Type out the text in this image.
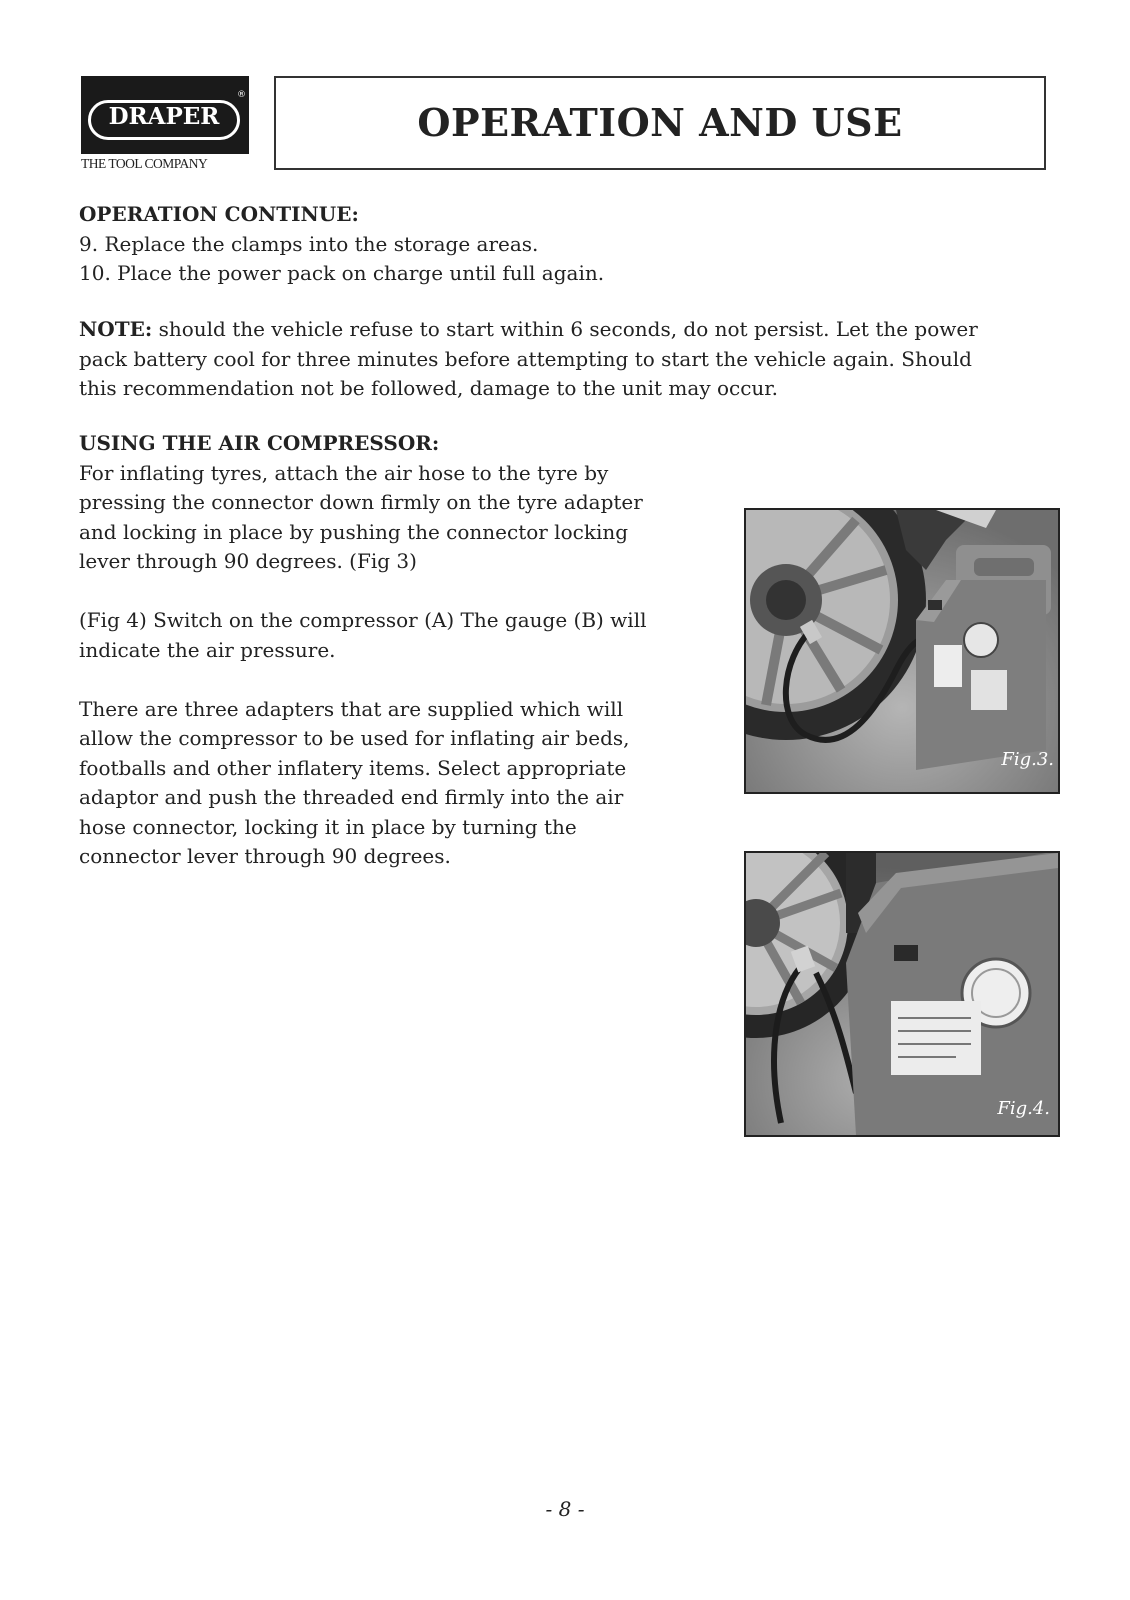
DRAPER
®
THE TOOL COMPANY
OPERATION AND USE
OPERATION CONTINUE:
9. Replace the clamps into the storage areas.
10. Place the power pack on charge until full again.
NOTE: should the vehicle refuse to start within 6 seconds, do not persist. Let the power
pack battery cool for three minutes before attempting to start the vehicle again. Should
this recommendation not be followed, damage to the unit may occur.
USING THE AIR COMPRESSOR:
For inflating tyres, attach the air hose to the tyre by
pressing the connector down firmly on the tyre adapter
and locking in place by pushing the connector locking
lever through 90 degrees. (Fig 3)
(Fig 4) Switch on the compressor (A) The gauge (B) will
indicate the air pressure.
There are three adapters that are supplied which will
allow the compressor to be used for inflating air beds,
footballs and other inflatery items. Select appropriate
adaptor and push the threaded end firmly into the air
hose connector, locking it in place by turning the
connector lever through 90 degrees.
Fig.3.
Fig.4.
- 8 -
